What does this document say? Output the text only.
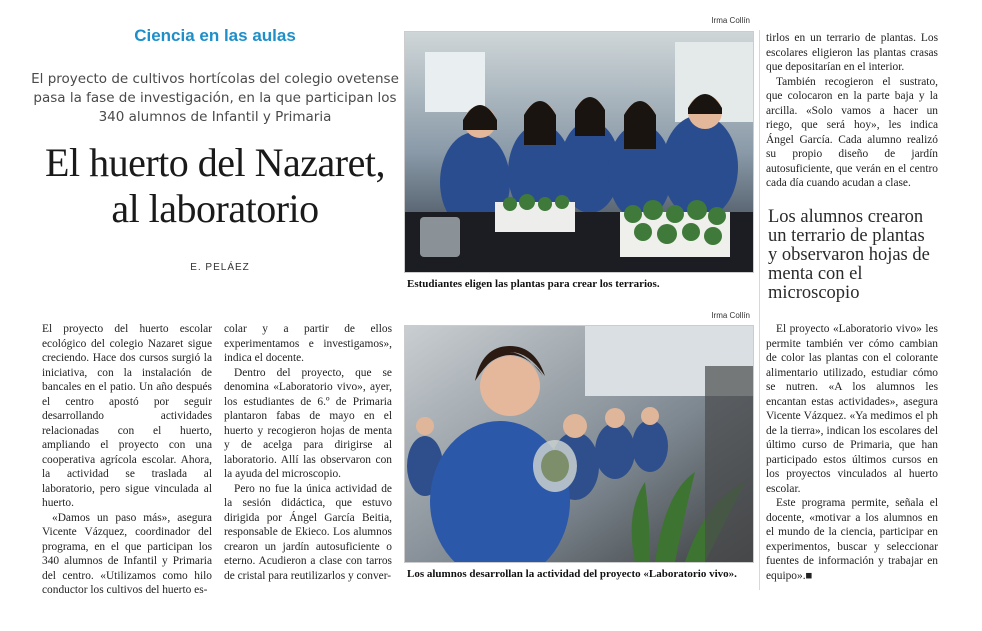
Ciencia en las aulas
El proyecto de cultivos hortícolas del colegio ovetense pasa la fase de investigación, en la que participan los 340 alumnos de Infantil y Primaria
El huerto del Nazaret,
al laboratorio
E. PELÁEZ

El proyecto del huerto escolar ecológico del colegio Nazaret sigue creciendo. Hace dos cursos surgió la iniciativa, con la instalación de bancales en el patio. Un año después el centro apostó por seguir desarrollando actividades relacionadas con el huerto, ampliando el proyecto con una cooperativa agrícola escolar. Ahora, la actividad se traslada al laboratorio, pero sigue vinculada al huerto.

«Damos un paso más», asegura Vicente Vázquez, coordinador del programa, en el que participan los 340 alumnos de Infantil y Primaria del centro. «Utilizamos como hilo conductor los cultivos del huerto es-

colar y a partir de ellos experimentamos e investigamos», indica el docente.

Dentro del proyecto, que se denomina «Laboratorio vivo», ayer, los estudiantes de 6.º de Primaria plantaron fabas de mayo en el huerto y recogieron hojas de menta y de acelga para dirigirse al laboratorio. Allí las observaron con la ayuda del microscopio.

Pero no fue la única actividad de la sesión didáctica, que estuvo dirigida por Ángel García Beitia, responsable de Ekieco. Los alumnos crearon un jardín autosuficiente o eterno. Acudieron a clase con tarros de cristal para reutilizarlos y conver-

Irma Collín
Estudiantes eligen las plantas para crear los terrarios.
Irma Collín
Los alumnos desarrollan la actividad del proyecto «Laboratorio vivo».

tirlos en un terrario de plantas. Los escolares eligieron las plantas crasas que depositarían en el interior.

También recogieron el sustrato, que colocaron en la parte baja y la arcilla. «Solo vamos a hacer un riego, que será hoy», les indica Ángel García. Cada alumno realizó su propio diseño de jardín autosuficiente, que verán en el centro cada día cuando acudan a clase.

Los alumnos crearon un terrario de plantas y observaron hojas de menta con el microscopio

El proyecto «Laboratorio vivo» les permite también ver cómo cambian de color las plantas con el colorante alimentario utilizado, estudiar cómo se nutren. «A los alumnos les encantan estas actividades», asegura Vicente Vázquez. «Ya medimos el ph de la tierra», indican los escolares del último curso de Primaria, que han participado estos últimos cursos en los proyectos vinculados al huerto escolar.

Este programa permite, señala el docente, «motivar a los alumnos en el mundo de la ciencia, participar en experimentos, buscar y seleccionar fuentes de información y trabajar en equipo».■
